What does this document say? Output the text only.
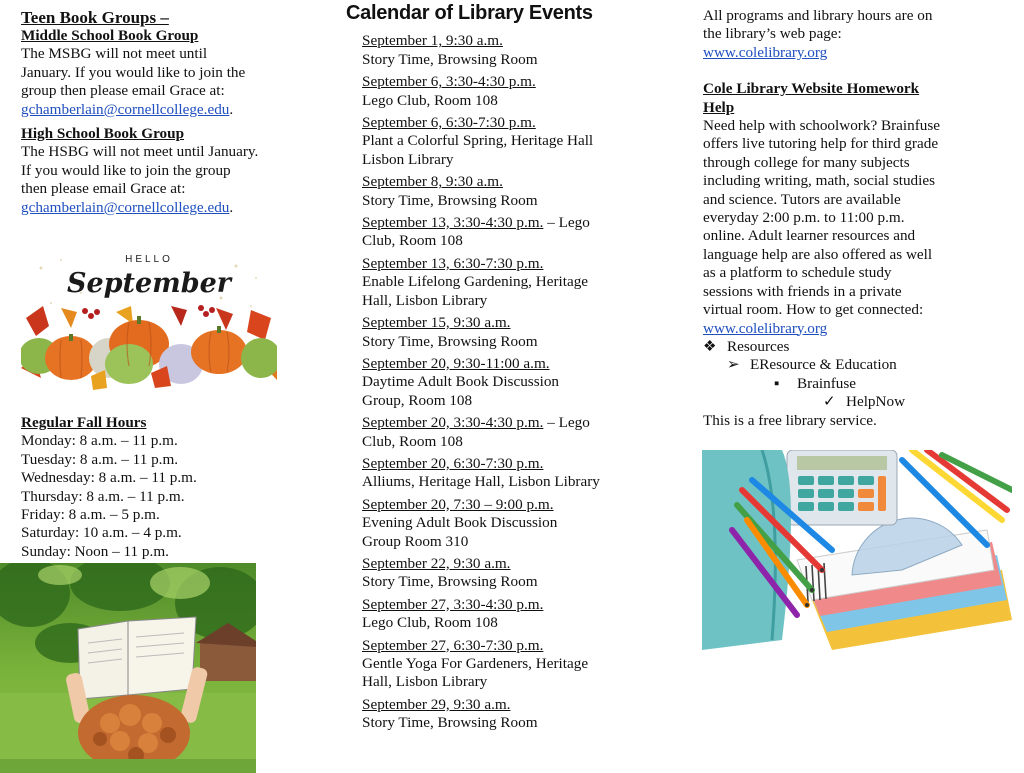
Teen Book Groups –
Middle School Book Group
The MSBG will not meet until
January. If you would like to join the
group then please email Grace at:
gchamberlain@cornellcollege.edu.
High School Book Group
The HSBG will not meet until January.
If you would like to join the group
then please email Grace at:
gchamberlain@cornellcollege.edu.
HELLO
September
Regular Fall Hours
Monday: 8 a.m. – 11 p.m.
Tuesday: 8 a.m. – 11 p.m.
Wednesday: 8 a.m. – 11 p.m.
Thursday: 8 a.m. – 11 p.m.
Friday: 8 a.m. – 5 p.m.
Saturday: 10 a.m. – 4 p.m.
Sunday: Noon – 11 p.m.
Calendar of Library Events
September 1, 9:30 a.m.
Story Time, Browsing Room
September 6, 3:30-4:30 p.m.
Lego Club, Room 108
September 6, 6:30-7:30 p.m.
Plant a Colorful Spring, Heritage Hall
Lisbon Library
September 8, 9:30 a.m.
Story Time, Browsing Room
September 13, 3:30-4:30 p.m. – Lego
Club, Room 108
September 13, 6:30-7:30 p.m.
Enable Lifelong Gardening, Heritage
Hall, Lisbon Library
September 15, 9:30 a.m.
Story Time, Browsing Room
September 20, 9:30-11:00 a.m.
Daytime Adult Book Discussion
Group, Room 108
September 20, 3:30-4:30 p.m. – Lego
Club, Room 108
September 20, 6:30-7:30 p.m.
Alliums, Heritage Hall, Lisbon Library
September 20, 7:30 – 9:00 p.m.
Evening Adult Book Discussion
Group Room 310
September 22, 9:30 a.m.
Story Time, Browsing Room
September 27, 3:30-4:30 p.m.
Lego Club, Room 108
September 27, 6:30-7:30 p.m.
Gentle Yoga For Gardeners, Heritage
Hall, Lisbon Library
September 29, 9:30 a.m.
Story Time, Browsing Room
All programs and library hours are on
the library’s web page:
www.colelibrary.org
Cole Library Website Homework
Help
Need help with schoolwork? Brainfuse
offers live tutoring help for third grade
through college for many subjects
including writing, math, social studies
and science. Tutors are available
everyday 2:00 p.m. to 11:00 p.m.
online. Adult learner resources and
language help are also offered as well
as a platform to schedule study
sessions with friends in a private
virtual room. How to get connected:
www.colelibrary.org
❖ Resources

➢ EResource & Education

▪ Brainfuse

✓ HelpNow

This is a free library service.
